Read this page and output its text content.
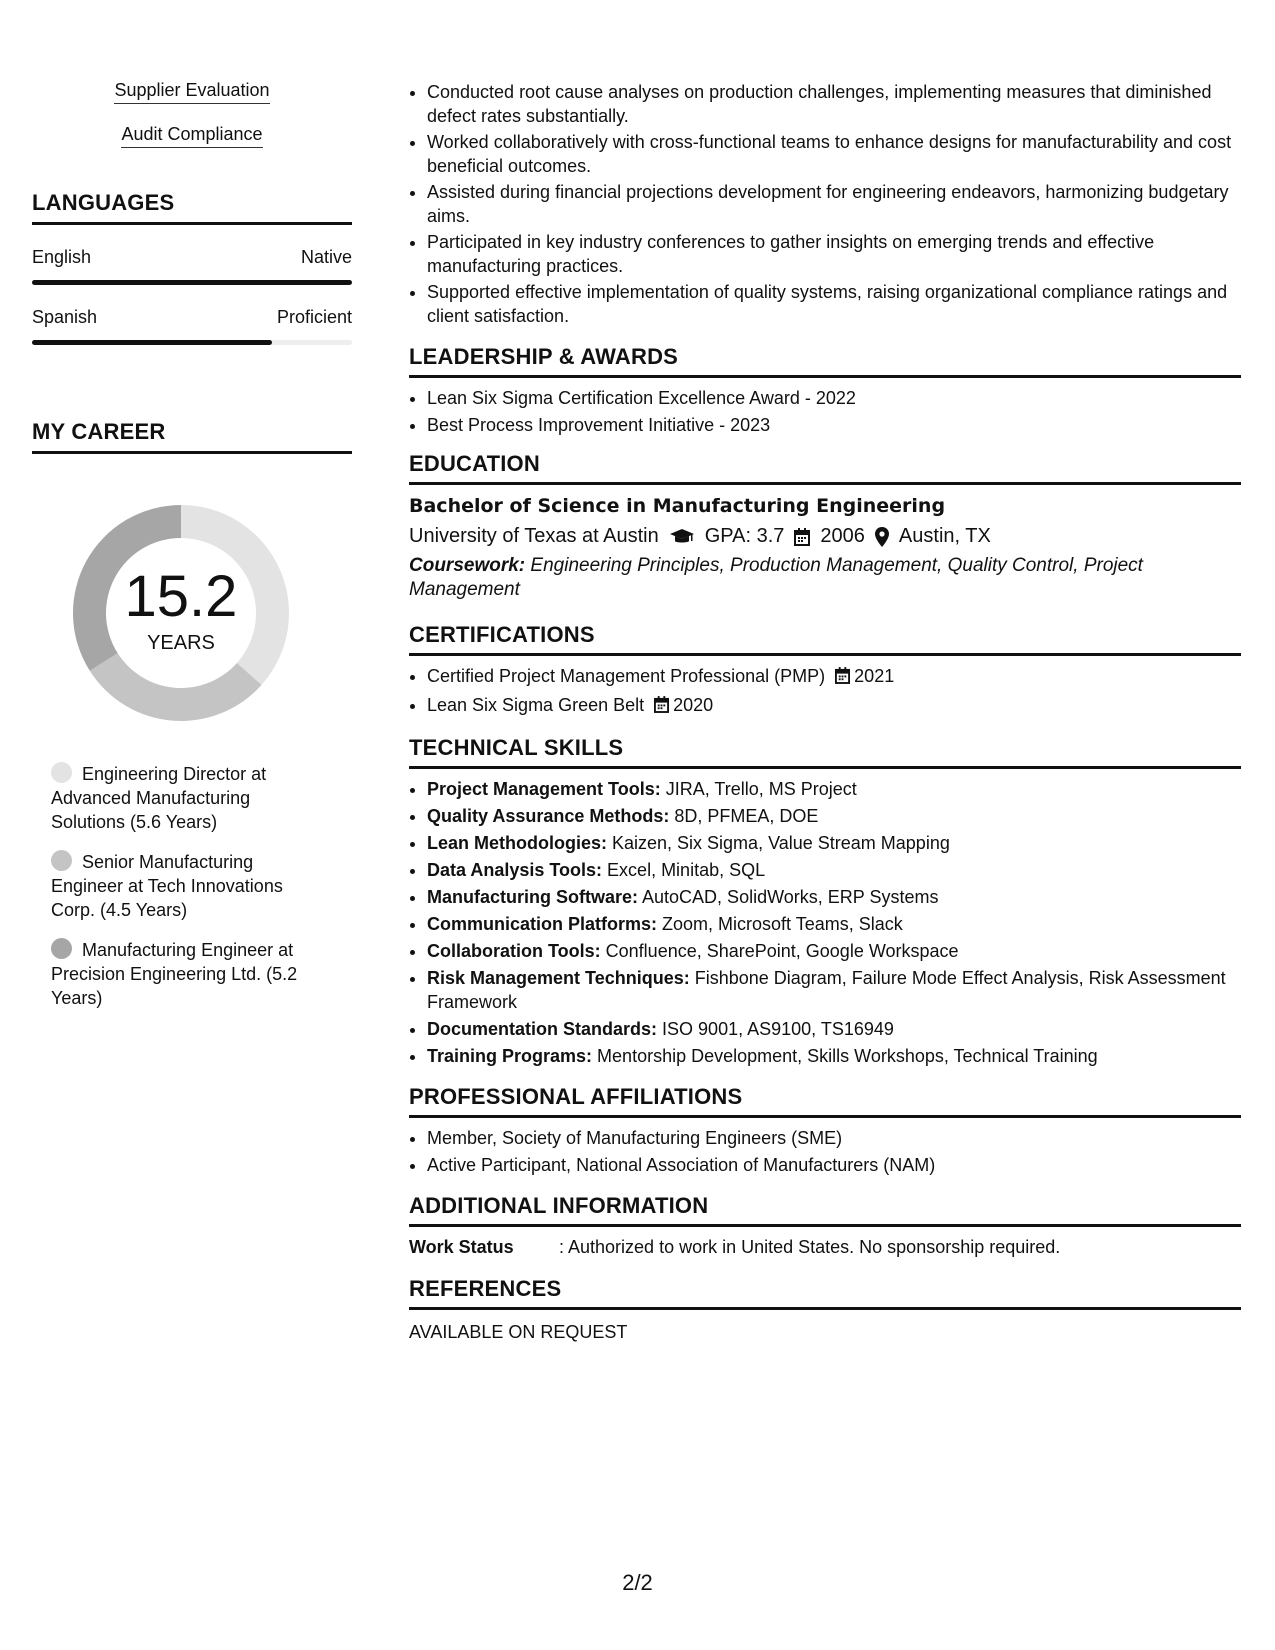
Supplier Evaluation
Audit Compliance
LANGUAGES
English	Native
Spanish	Proficient
MY CAREER
15.2
YEARS
Engineering Director at Advanced Manufacturing Solutions (5.6 Years)
Senior Manufacturing Engineer at Tech Innovations Corp. (4.5 Years)
Manufacturing Engineer at Precision Engineering Ltd. (5.2 Years)
• Conducted root cause analyses on production challenges, implementing measures that diminished defect rates substantially.
• Worked collaboratively with cross-functional teams to enhance designs for manufacturability and cost beneficial outcomes.
• Assisted during financial projections development for engineering endeavors, harmonizing budgetary aims.
• Participated in key industry conferences to gather insights on emerging trends and effective manufacturing practices.
• Supported effective implementation of quality systems, raising organizational compliance ratings and client satisfaction.
LEADERSHIP & AWARDS
• Lean Six Sigma Certification Excellence Award - 2022
• Best Process Improvement Initiative - 2023
EDUCATION
Bachelor of Science in Manufacturing Engineering
University of Texas at Austin GPA: 3.7 2006 Austin, TX
Coursework: Engineering Principles, Production Management, Quality Control, Project Management
CERTIFICATIONS
• Certified Project Management Professional (PMP) 2021
• Lean Six Sigma Green Belt 2020
TECHNICAL SKILLS
• Project Management Tools: JIRA, Trello, MS Project
• Quality Assurance Methods: 8D, PFMEA, DOE
• Lean Methodologies: Kaizen, Six Sigma, Value Stream Mapping
• Data Analysis Tools: Excel, Minitab, SQL
• Manufacturing Software: AutoCAD, SolidWorks, ERP Systems
• Communication Platforms: Zoom, Microsoft Teams, Slack
• Collaboration Tools: Confluence, SharePoint, Google Workspace
• Risk Management Techniques: Fishbone Diagram, Failure Mode Effect Analysis, Risk Assessment Framework
• Documentation Standards: ISO 9001, AS9100, TS16949
• Training Programs: Mentorship Development, Skills Workshops, Technical Training
PROFESSIONAL AFFILIATIONS
• Member, Society of Manufacturing Engineers (SME)
• Active Participant, National Association of Manufacturers (NAM)
ADDITIONAL INFORMATION
Work Status	: Authorized to work in United States. No sponsorship required.
REFERENCES
AVAILABLE ON REQUEST
2/2
